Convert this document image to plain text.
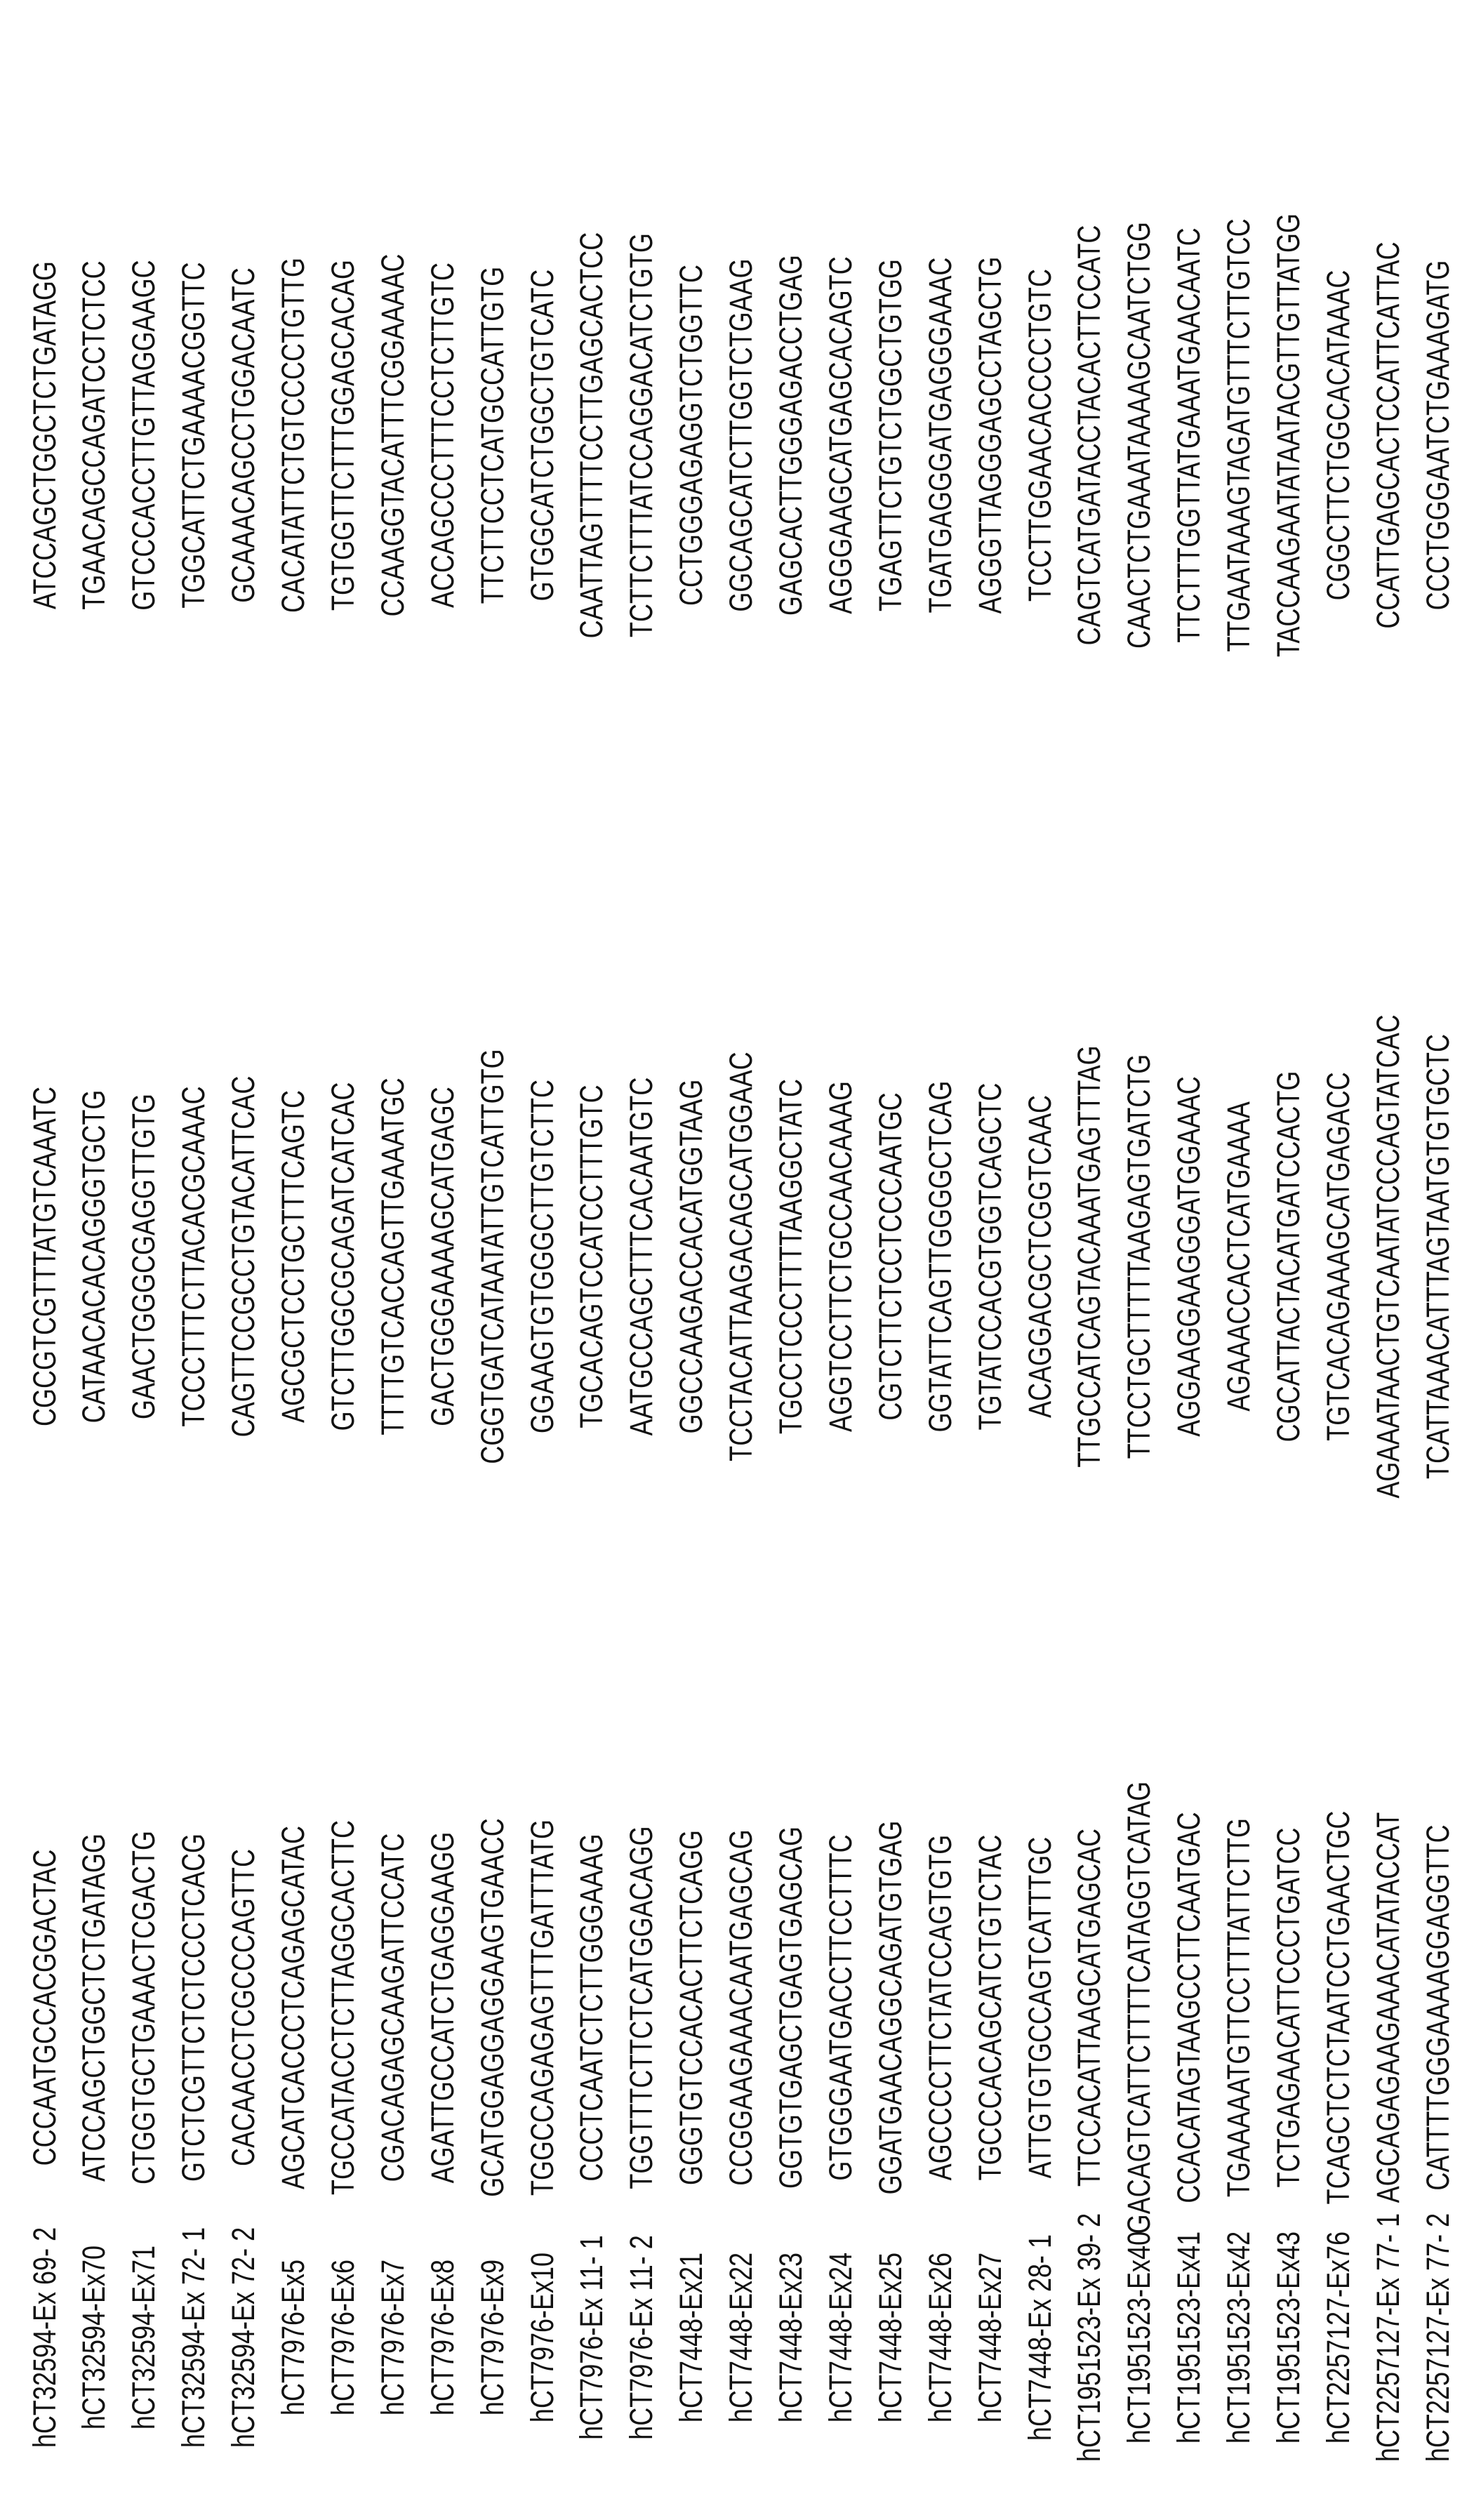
hCT32594-Ex 69- 2
CCCAATGCCACGGACTAC
CGCGTCGTTTATGTCAAATC
ATCCAGCTGGCTCTGATAGG
hCT32594-Ex70
ATCCAGCTGGCTCTGATAGG
CATAACACACAGGGTGCTG
TGAACAGCCAGATCCTCTCC
hCT32594-Ex71
CTGGTGCTGAAACTCGACTG
GAACTGGGCGAGGTTGTG
GTCCCACCTTGTTAGGAAGC
hCT32594-Ex 72- 1
GTCTCGTTCTCTCCCTCACG
TCCCTTTCTTACACGCAAAC
TGGCATTCTGAAAACGGTTC
hCT32594-Ex 72- 2
CACAACCTCGCCCAGTTC
CAGTTCCGCCTGTACATTCAC
GCAAACAGCCTGGACAATC
hCT7976-Ex5
AGCATCACCCTCAGAGCATAC
AGCGCTCCTGCTTTCAGTC
CACATATTCTGTCCCCTGTTG
hCT7976-Ex6
TGCCATACCTCTTAGGCACTTC
GTCTTGGCGCAGATCATCAC
TGTGGTTCTTTGGAGCACAG
hCT7976-Ex7
CGACAGAGCAAGATTCCATC
TTTTGTCACCAGTTGAAATGC
CCAAGGTACATTTCGGAAAAC
hCT7976-Ex8
AGATTGCCATCTGAGGAAGG
GACTGGGAAAAGCATGAGC
ACCAGCCCTTTCCTCTTGTC
hCT7976-Ex9
GCATGGAGGAGGAAGTGAACC
CGGTGATCATAATATTGTCATTGTG
TTCTTCCTCATGCCATTGTG
hCT7976-Ex10
TGGCCAGAGAGTTTGATTTATG
GGAAGTGTGGGCTTGTCTTC
GTGGCATCTGGCTGTCATC
hCT7976-Ex 11- 1
CCCTCAATCTCTTGGGAAAG
TGCACAGTCCATCCTTTGTC
CAATTAGTTTTCCTTGAGCACTCC
hCT7976-Ex 11- 2
TGGTTTCTTCTCATGGACAGG
AATGCCAGCTTTCACAATGTC
TCTTCTTTATCCAGGACATCTGTG
hCT7448-Ex21
GGGTGTCCACACTTCTCAGG
GGCCAAGACCACATGGTAAG
CCTGGGAGAGGTCTGGTTC
hCT7448-Ex22
CCGGAAGAAACAATGAGCAG
TCCTACATTAAGACAGCATGGAAC
GGCAGCATCTTGGTCTGAAG
hCT7448-Ex23
GGTGTGAGCTGAGTGAGCAG
TGCCTCCCTTTTAAGGCTATC
GAGCACTTGGGAGACCTGAG
hCT7448-Ex24
GTGGGAATGACCTTCCTTTC
AGGTCCTTCTGCCAACAAAG
AGGGAAGCATGAGCACAGTC
hCT7448-Ex25
GGATGAACAGGCAGATGTGAG
CGTCTTCTCCTCCCAATGC
TGAGTTCTGTCTGGCTGTGG
hCT7448-Ex26
AGCCCCTTCTATCCAGTGTG
GGTATTCAGTTGGGGCTCAG
TGATGAGGGATGAGGGAAAC
hCT7448-Ex27
TGCCCACAGCATCTGTCTAC
TGTATCCACGTGGTCAGCTC
AGGGTTAGGGAGCCTAGCTG
hCT7448-Ex 28- 1
ATTGTGTGCCAGTCATTTGC
ACAGGACGCTCGGTCAAC
TCCTTGGAACACCCCTGTC
hCT1951523-Ex 39- 2
TTCCACATTAAGCATGAGCAC
TTGCCATCAGTACAAATGAGTTTAG
CAGTCATGATACCTACACTTCCATC
hCT1951523-Ex40
GACAGTCATTCTTTTCATAGGTCATAG
TTCCTGCTTTTTAAGAGTGATCTG
CAACTCTGAAATAAAAGCAATCTGG
hCT1951523-Ex41
CCACATAGTAAGCCTTCAATGAC
AGGAAGGAAGGGATGGAAAC
TTCTTTGGTTATGAAATGAACAATC
hCT1951523-Ex42
TGAAAAATGTTCCTTTATTCTTG
AGAAACCACTCATGAAAA
TTGAATAAAGTAGATGTTTCTTGTCC
hCT1951523-Ex43
TCTGAGAACATTCCCTGATCC
CGCATTACTACATGATCCACTG
TACCAAGAATATAATACGTTGTTATGG
hCT2257127-Ex76
TCAGCTCTCTAATCCTGAACTGC
TGTCACAGAAAGCATGAGACC
CGGCTTCTGGCACATAAAC
hCT2257127-Ex 77- 1
AGCAGAGAAGAAACATATACCAT
AGAAATAACTGTCAATATCCCAGTATCAC
CCATTGAGCACTCCATTCATTAC
hCT2257127-Ex 77- 2
CATTTTGGGAAAAGGAGGTTC
TCATTAAACATTTAGTAATGTGTGCTC
CCCTGGGAATCTGAAAGATG
